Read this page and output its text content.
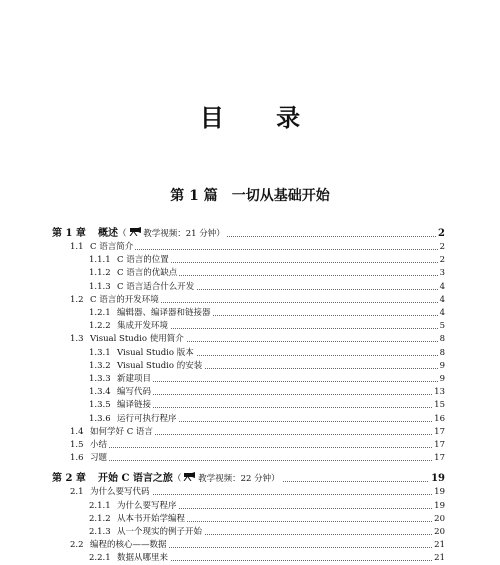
目 录
第 1 篇 一切从基础开始
第 1 章 概述（ 教学视频：21 分钟）	2
1.1 C 语言简介	2
1.1.1 C 语言的位置	2
1.1.2 C 语言的优缺点	3
1.1.3 C 语言适合什么开发	4
1.2 C 语言的开发环境	4
1.2.1 编辑器、编译器和链接器	4
1.2.2 集成开发环境	5
1.3 Visual Studio 使用简介	8
1.3.1 Visual Studio 版本	8
1.3.2 Visual Studio 的安装	9
1.3.3 新建项目	9
1.3.4 编写代码	13
1.3.5 编译链接	15
1.3.6 运行可执行程序	16
1.4 如何学好 C 语言	17
1.5 小结	17
1.6 习题	17
第 2 章 开始 C 语言之旅（ 教学视频：22 分钟）	19
2.1 为什么要写代码	19
2.1.1 为什么要写程序	19
2.1.2 从本书开始学编程	20
2.1.3 从一个现实的例子开始	20
2.2 编程的核心——数据	21
2.2.1 数据从哪里来	21
